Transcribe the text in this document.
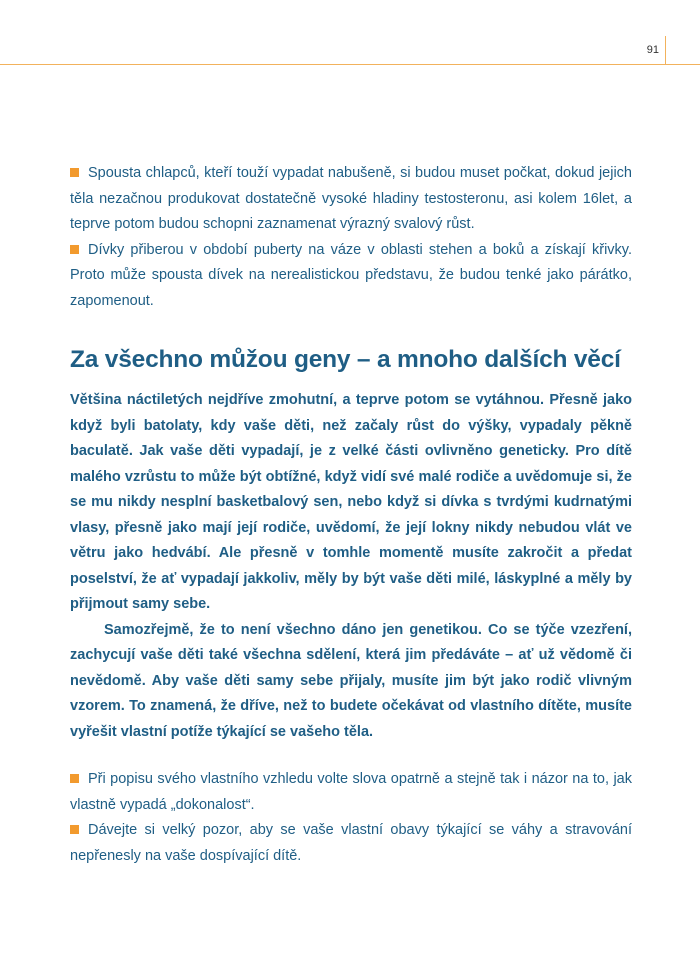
91

Spousta chlapců, kteří touží vypadat nabušeně, si budou muset počkat, dokud jejich těla nezačnou produkovat dostatečně vysoké hladiny testosteronu, asi kolem 16let, a teprve potom budou schopni zaznamenat výrazný svalový růst.

Dívky přiberou v období puberty na váze v oblasti stehen a boků a získají křivky. Proto může spousta dívek na nerealistickou představu, že budou tenké jako párátko, zapomenout.

Za všechno můžou geny – a mnoho dalších věcí

Většina náctiletých nejdříve zmohutní, a teprve potom se vytáhnou. Přesně jako když byli batolaty, kdy vaše děti, než začaly růst do výšky, vypadaly pěkně baculatě. Jak vaše děti vypadají, je z velké části ovlivněno geneticky. Pro dítě malého vzrůstu to může být obtížné, když vidí své malé rodiče a uvědomuje si, že se mu nikdy nesplní basketbalový sen, nebo když si dívka s tvrdými kudrnatými vlasy, přesně jako mají její rodiče, uvědomí, že její lokny nikdy nebudou vlát ve větru jako hedvábí. Ale přesně v tomhle momentě musíte zakročit a předat poselství, že ať vypadají jakkoliv, měly by být vaše děti milé, láskyplné a měly by přijmout samy sebe.

Samozřejmě, že to není všechno dáno jen genetikou. Co se týče vzezření, zachycují vaše děti také všechna sdělení, která jim předáváte – ať už vědomě či nevědomě. Aby vaše děti samy sebe přijaly, musíte jim být jako rodič vlivným vzorem. To znamená, že dříve, než to budete očekávat od vlastního dítěte, musíte vyřešit vlastní potíže týkající se vašeho těla.

Při popisu svého vlastního vzhledu volte slova opatrně a stejně tak i názor na to, jak vlastně vypadá „dokonalost“.

Dávejte si velký pozor, aby se vaše vlastní obavy týkající se váhy a stravování nepřenesly na vaše dospívající dítě.
